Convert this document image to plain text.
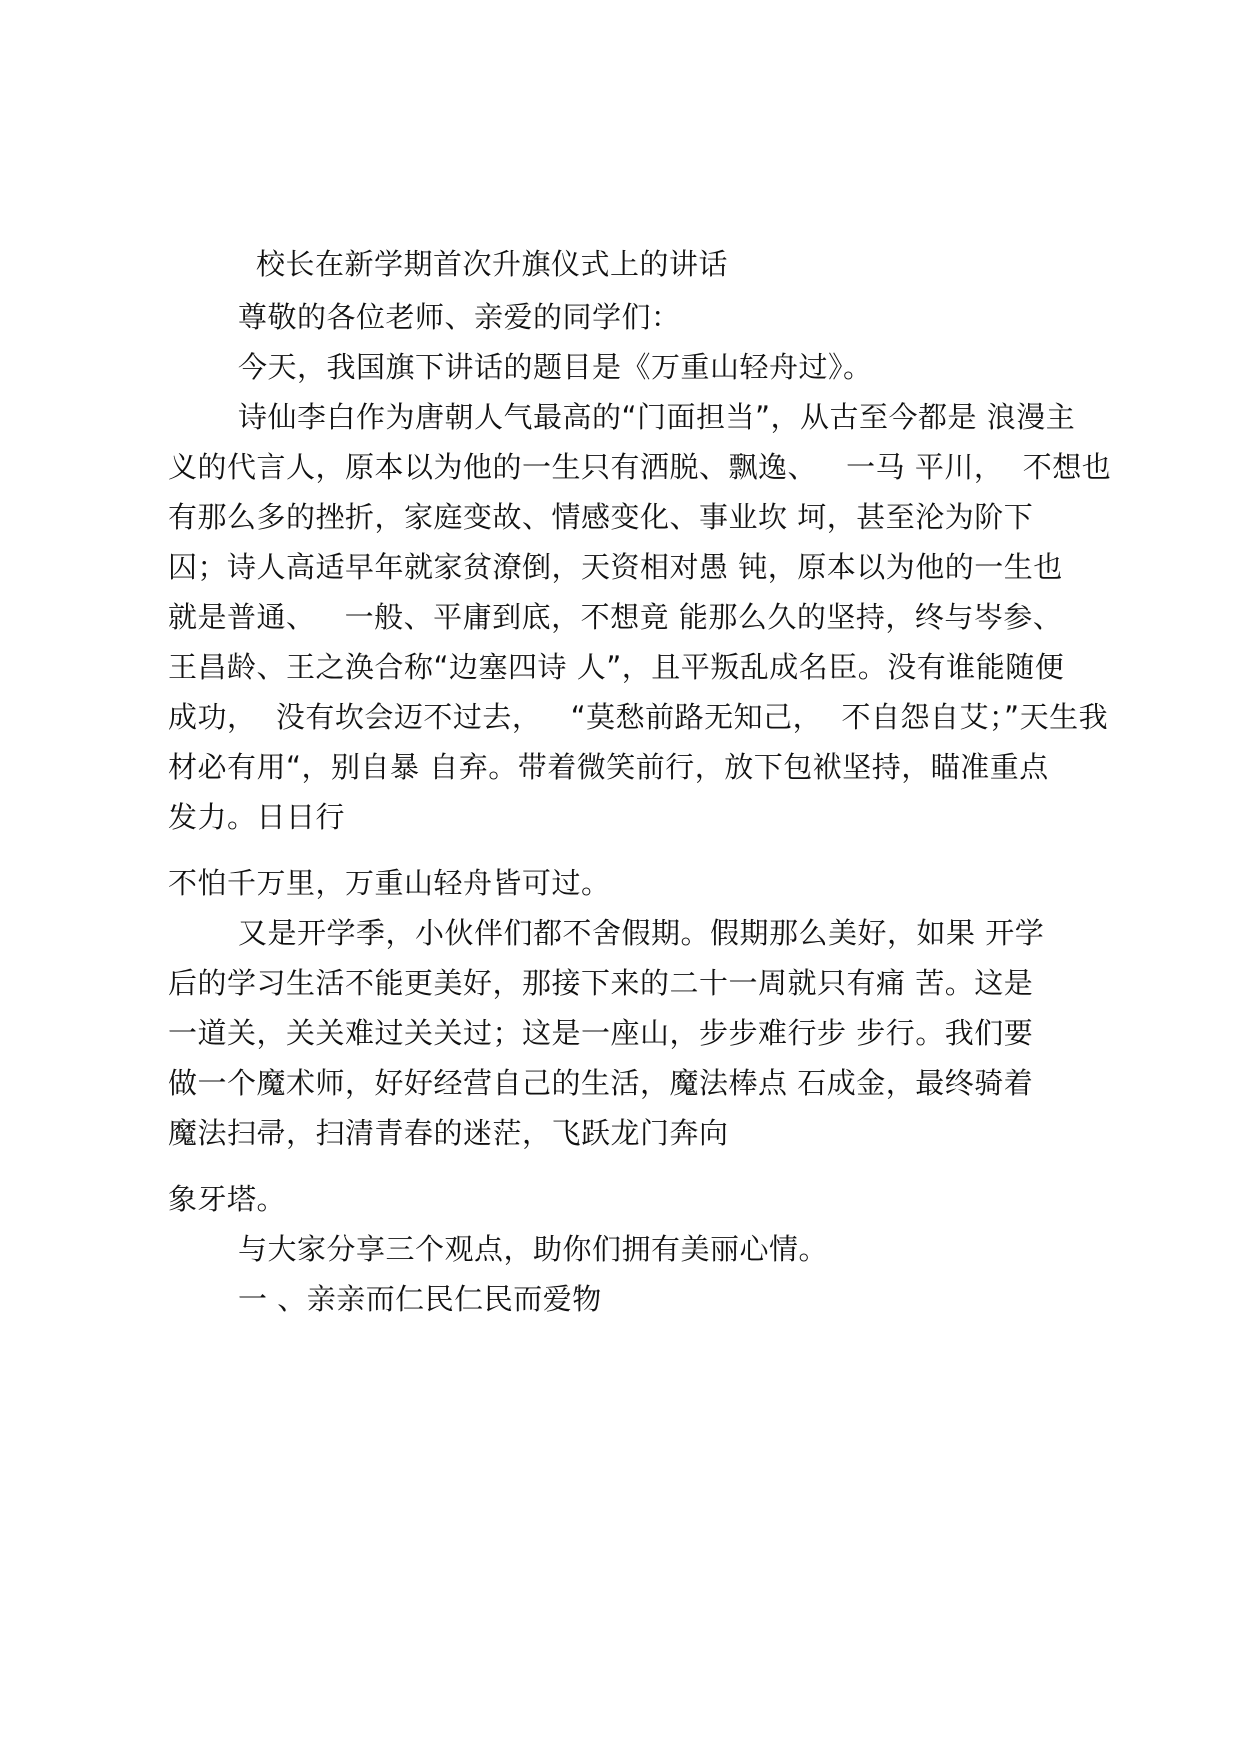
校长在新学期首次升旗仪式上的讲话

尊敬的各位老师、亲爱的同学们：

今天，我国旗下讲话的题目是《万重山轻舟过》。

诗仙李白作为唐朝人气最高的“门面担当”，从古至今都是 浪漫主

义的代言人，原本以为他的一生只有洒脱、飘逸、   一马 平川，  不想也

有那么多的挫折，家庭变故、情感变化、事业坎 坷，甚至沦为阶下

囚；诗人高适早年就家贫潦倒，天资相对愚 钝，原本以为他的一生也

就是普通、   一般、平庸到底，不想竟 能那么久的坚持，终与岑参、

王昌龄、王之涣合称“边塞四诗 人”，且平叛乱成名臣。没有谁能随便

成功，  没有坎会迈不过去，   “莫愁前路无知己，  不自怨自艾；”天生我

材必有用“，别自暴 自弃。带着微笑前行，放下包袱坚持，瞄准重点

发力。日日行

不怕千万里，万重山轻舟皆可过。

又是开学季，小伙伴们都不舍假期。假期那么美好，如果 开学

后的学习生活不能更美好，那接下来的二十一周就只有痛 苦。这是

一道关，关关难过关关过；这是一座山，步步难行步 步行。我们要

做一个魔术师，好好经营自己的生活，魔法棒点 石成金，最终骑着

魔法扫帚，扫清青春的迷茫，飞跃龙门奔向

象牙塔。

与大家分享三个观点，助你们拥有美丽心情。

一 、亲亲而仁民仁民而爱物
